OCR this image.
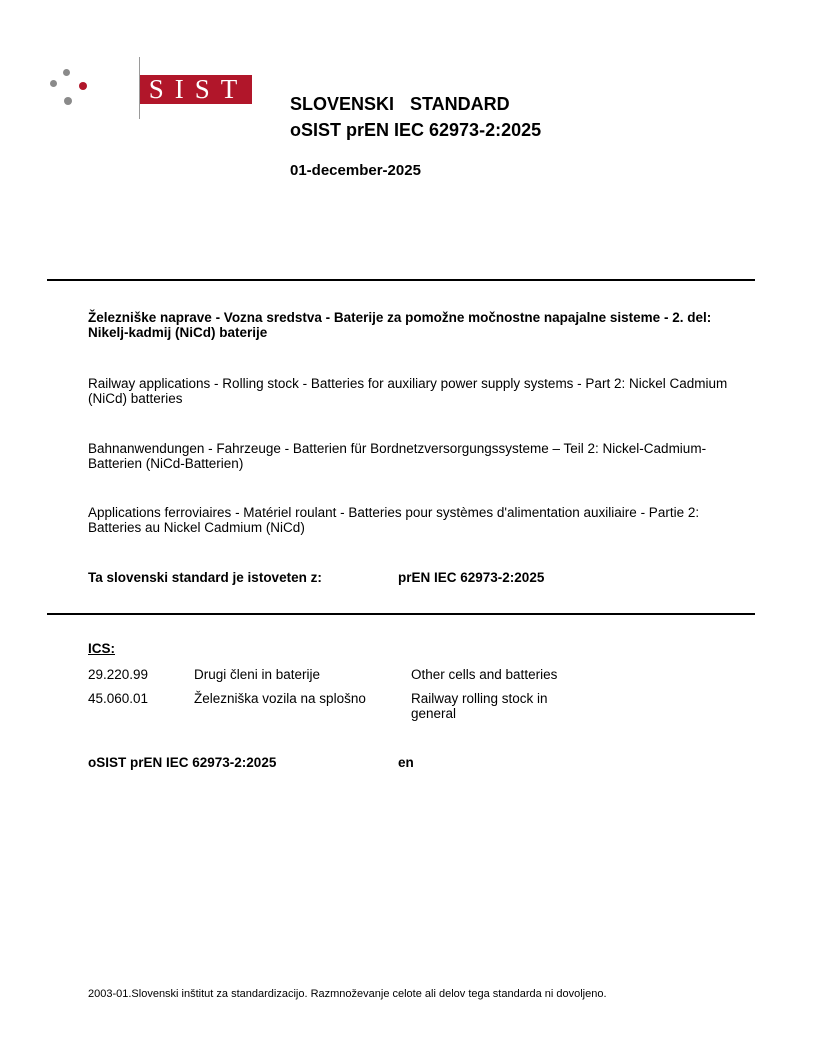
SIST SLOVENSKI  STANDARD
oSIST prEN IEC 62973-2:2025
01-december-2025
Železniške naprave - Vozna sredstva - Baterije za pomožne močnostne napajalne sisteme - 2. del: Nikelj-kadmij (NiCd) baterije
Railway applications - Rolling stock - Batteries for auxiliary power supply systems - Part 2: Nickel Cadmium (NiCd) batteries
Bahnanwendungen - Fahrzeuge - Batterien für Bordnetzversorgungssysteme – Teil 2: Nickel-Cadmium-Batterien (NiCd-Batterien)
Applications ferroviaires - Matériel roulant - Batteries pour systèmes d'alimentation auxiliaire - Partie 2: Batteries au Nickel Cadmium (NiCd)
Ta slovenski standard je istoveten z:	prEN IEC 62973-2:2025
ICS:
29.220.99	Drugi členi in baterije	Other cells and batteries
45.060.01	Železniška vozila na splošno	Railway rolling stock in general
oSIST prEN IEC 62973-2:2025	en
2003-01.Slovenski inštitut za standardizacijo. Razmnoževanje celote ali delov tega standarda ni dovoljeno.
